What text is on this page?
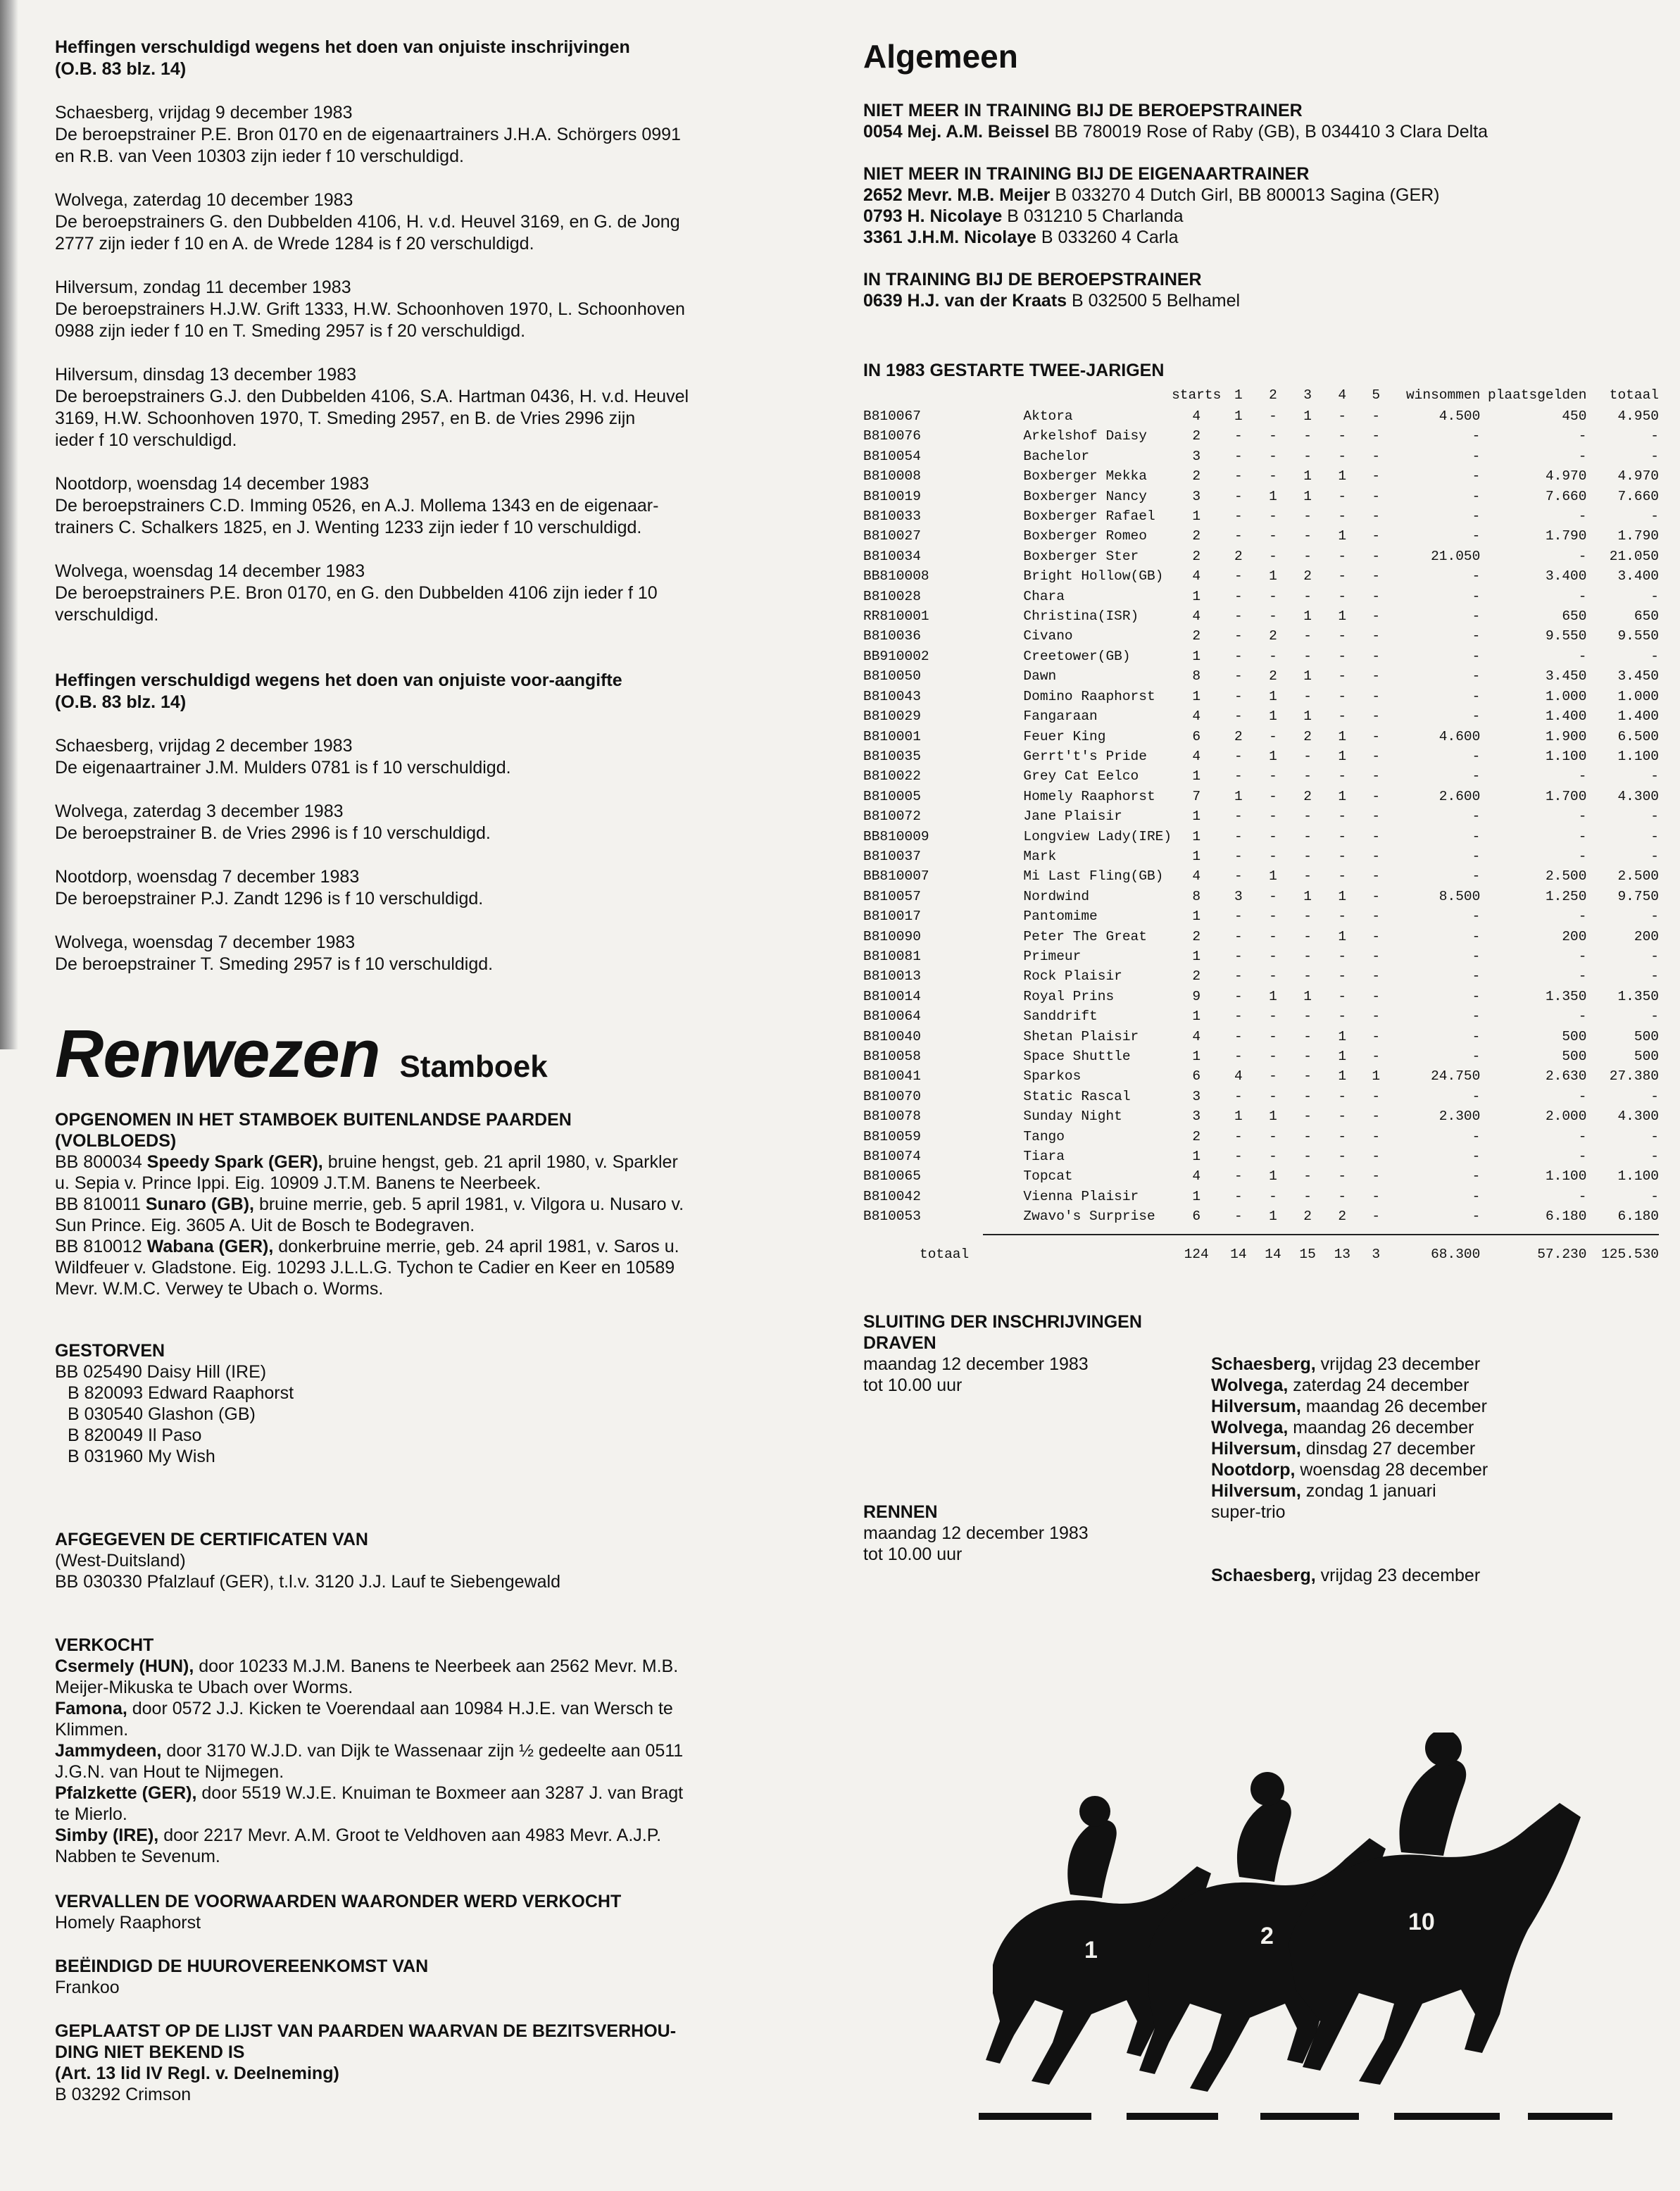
Heffingen verschuldigd wegens het doen van onjuiste inschrijvingen
(O.B. 83 blz. 14)
Schaesberg, vrijdag 9 december 1983
De beroepstrainer P.E. Bron 0170 en de eigenaartrainers J.H.A. Schörgers 0991
en R.B. van Veen 10303 zijn ieder f 10 verschuldigd.
Wolvega, zaterdag 10 december 1983
De beroepstrainers G. den Dubbelden 4106, H. v.d. Heuvel 3169, en G. de Jong
2777 zijn ieder f 10 en A. de Wrede 1284 is f 20 verschuldigd.
Hilversum, zondag 11 december 1983
De beroepstrainers H.J.W. Grift 1333, H.W. Schoonhoven 1970, L. Schoonhoven
0988 zijn ieder f 10 en T. Smeding 2957 is f 20 verschuldigd.
Hilversum, dinsdag 13 december 1983
De beroepstrainers G.J. den Dubbelden 4106, S.A. Hartman 0436, H. v.d. Heuvel
3169, H.W. Schoonhoven 1970, T. Smeding 2957, en B. de Vries 2996 zijn
ieder f 10 verschuldigd.
Nootdorp, woensdag 14 december 1983
De beroepstrainers C.D. Imming 0526, en A.J. Mollema 1343 en de eigenaar-
trainers C. Schalkers 1825, en J. Wenting 1233 zijn ieder f 10 verschuldigd.
Wolvega, woensdag 14 december 1983
De beroepstrainers P.E. Bron 0170, en G. den Dubbelden 4106 zijn ieder f 10
verschuldigd.
Heffingen verschuldigd wegens het doen van onjuiste voor-aangifte
(O.B. 83 blz. 14)
Schaesberg, vrijdag 2 december 1983
De eigenaartrainer J.M. Mulders 0781 is f 10 verschuldigd.
Wolvega, zaterdag 3 december 1983
De beroepstrainer B. de Vries 2996 is f 10 verschuldigd.
Nootdorp, woensdag 7 december 1983
De beroepstrainer P.J. Zandt 1296 is f 10 verschuldigd.
Wolvega, woensdag 7 december 1983
De beroepstrainer T. Smeding 2957 is f 10 verschuldigd.
Renwezen Stamboek
OPGENOMEN IN HET STAMBOEK BUITENLANDSE PAARDEN
(VOLBLOEDS)
BB 800034 Speedy Spark (GER), bruine hengst, geb. 21 april 1980, v. Sparkler
u. Sepia v. Prince Ippi. Eig. 10909 J.T.M. Banens te Neerbeek.
BB 810011 Sunaro (GB), bruine merrie, geb. 5 april 1981, v. Vilgora u. Nusaro v.
Sun Prince. Eig. 3605 A. Uit de Bosch te Bodegraven.
BB 810012 Wabana (GER), donkerbruine merrie, geb. 24 april 1981, v. Saros u.
Wildfeuer v. Gladstone. Eig. 10293 J.L.L.G. Tychon te Cadier en Keer en 10589
Mevr. W.M.C. Verwey te Ubach o. Worms.
GESTORVEN
BB 025490 Daisy Hill (IRE)
B 820093 Edward Raaphorst
B 030540 Glashon (GB)
B 820049 Il Paso
B 031960 My Wish
AFGEGEVEN DE CERTIFICATEN VAN
(West-Duitsland)
BB 030330 Pfalzlauf (GER), t.l.v. 3120 J.J. Lauf te Siebengewald
VERKOCHT
Csermely (HUN), door 10233 M.J.M. Banens te Neerbeek aan 2562 Mevr. M.B.
Meijer-Mikuska te Ubach over Worms.
Famona, door 0572 J.J. Kicken te Voerendaal aan 10984 H.J.E. van Wersch te
Klimmen.
Jammydeen, door 3170 W.J.D. van Dijk te Wassenaar zijn ½ gedeelte aan 0511
J.G.N. van Hout te Nijmegen.
Pfalzkette (GER), door 5519 W.J.E. Knuiman te Boxmeer aan 3287 J. van Bragt
te Mierlo.
Simby (IRE), door 2217 Mevr. A.M. Groot te Veldhoven aan 4983 Mevr. A.J.P.
Nabben te Sevenum.
VERVALLEN DE VOORWAARDEN WAARONDER WERD VERKOCHT
Homely Raaphorst
BEËINDIGD DE HUUROVEREENKOMST VAN
Frankoo
GEPLAATST OP DE LIJST VAN PAARDEN WAARVAN DE BEZITSVERHOU-
DING NIET BEKEND IS
(Art. 13 lid IV Regl. v. Deelneming)
B 03292 Crimson
Algemeen
NIET MEER IN TRAINING BIJ DE BEROEPSTRAINER
0054 Mej. A.M. Beissel BB 780019 Rose of Raby (GB), B 034410 3 Clara Delta
NIET MEER IN TRAINING BIJ DE EIGENAARTRAINER
2652 Mevr. M.B. Meijer B 033270 4 Dutch Girl, BB 800013 Sagina (GER)
0793 H. Nicolaye B 031210 5 Charlanda
3361 J.H.M. Nicolaye B 033260 4 Carla
IN TRAINING BIJ DE BEROEPSTRAINER
0639 H.J. van der Kraats B 032500 5 Belhamel
IN 1983 GESTARTE TWEE-JARIGEN
		starts	1	2	3	4	5	winsommen	plaatsgelden	totaal
B810067	Aktora	4	1	-	1	-	-	4.500	450	4.950
B810076	Arkelshof Daisy	2	-	-	-	-	-	-	-	-
B810054	Bachelor	3	-	-	-	-	-	-	-	-
B810008	Boxberger Mekka	2	-	-	1	1	-	-	4.970	4.970
B810019	Boxberger Nancy	3	-	1	1	-	-	-	7.660	7.660
B810033	Boxberger Rafael	1	-	-	-	-	-	-	-	-
B810027	Boxberger Romeo	2	-	-	-	1	-	-	1.790	1.790
B810034	Boxberger Ster	2	2	-	-	-	-	21.050	-	21.050
BB810008	Bright Hollow(GB)	4	-	1	2	-	-	-	3.400	3.400
B810028	Chara	1	-	-	-	-	-	-	-	-
RR810001	Christina(ISR)	4	-	-	1	1	-	-	650	650
B810036	Civano	2	-	2	-	-	-	-	9.550	9.550
BB910002	Creetower(GB)	1	-	-	-	-	-	-	-	-
B810050	Dawn	8	-	2	1	-	-	-	3.450	3.450
B810043	Domino Raaphorst	1	-	1	-	-	-	-	1.000	1.000
B810029	Fangaraan	4	-	1	1	-	-	-	1.400	1.400
B810001	Feuer King	6	2	-	2	1	-	4.600	1.900	6.500
B810035	Gerrt't's Pride	4	-	1	-	1	-	-	1.100	1.100
B810022	Grey Cat Eelco	1	-	-	-	-	-	-	-	-
B810005	Homely Raaphorst	7	1	-	2	1	-	2.600	1.700	4.300
B810072	Jane Plaisir	1	-	-	-	-	-	-	-	-
BB810009	Longview Lady(IRE)	1	-	-	-	-	-	-	-	-
B810037	Mark	1	-	-	-	-	-	-	-	-
BB810007	Mi Last Fling(GB)	4	-	1	-	-	-	-	2.500	2.500
B810057	Nordwind	8	3	-	1	1	-	8.500	1.250	9.750
B810017	Pantomime	1	-	-	-	-	-	-	-	-
B810090	Peter The Great	2	-	-	-	1	-	-	200	200
B810081	Primeur	1	-	-	-	-	-	-	-	-
B810013	Rock Plaisir	2	-	-	-	-	-	-	-	-
B810014	Royal Prins	9	-	1	1	-	-	-	1.350	1.350
B810064	Sanddrift	1	-	-	-	-	-	-	-	-
B810040	Shetan Plaisir	4	-	-	-	1	-	-	500	500
B810058	Space Shuttle	1	-	-	-	1	-	-	500	500
B810041	Sparkos	6	4	-	-	1	1	24.750	2.630	27.380
B810070	Static Rascal	3	-	-	-	-	-	-	-	-
B810078	Sunday Night	3	1	1	-	-	-	2.300	2.000	4.300
B810059	Tango	2	-	-	-	-	-	-	-	-
B810074	Tiara	1	-	-	-	-	-	-	-	-
B810065	Topcat	4	-	1	-	-	-	-	1.100	1.100
B810042	Vienna Plaisir	1	-	-	-	-	-	-	-	-
B810053	Zwavo's Surprise	6	-	1	2	2	-	-	6.180	6.180
totaal		124	14	14	15	13	3	68.300	57.230	125.530
SLUITING DER INSCHRIJVINGEN
DRAVEN
maandag 12 december 1983
tot 10.00 uur
RENNEN
maandag 12 december 1983
tot 10.00 uur
Schaesberg, vrijdag 23 december
Wolvega, zaterdag 24 december
Hilversum, maandag 26 december
Wolvega, maandag 26 december
Hilversum, dinsdag 27 december
Nootdorp, woensdag 28 december
Hilversum, zondag 1 januari
super-trio
Schaesberg, vrijdag 23 december
1
2
10
